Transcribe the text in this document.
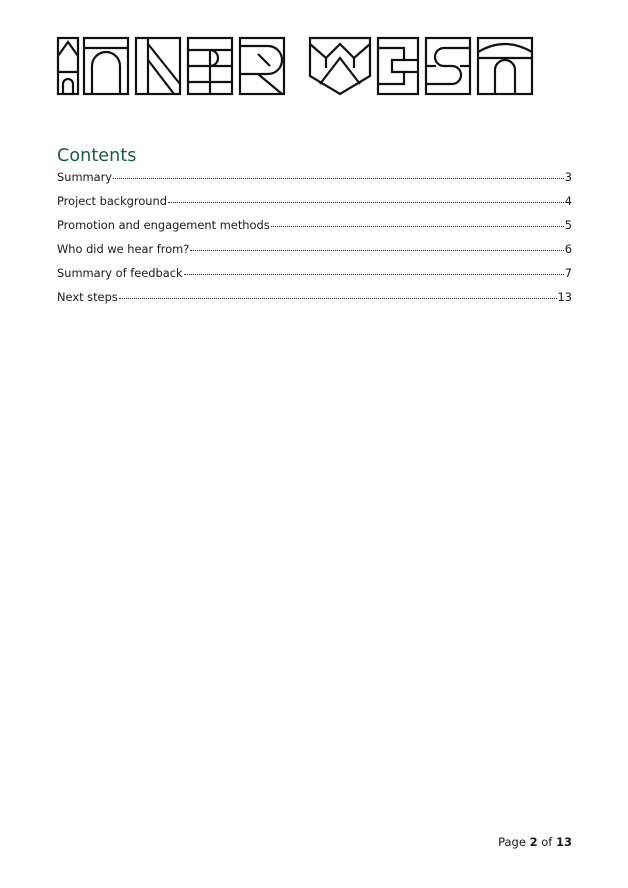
Contents
Summary	3
Project background	4
Promotion and engagement methods	5
Who did we hear from?	6
Summary of feedback	7
Next steps	13
Page 2 of 13
